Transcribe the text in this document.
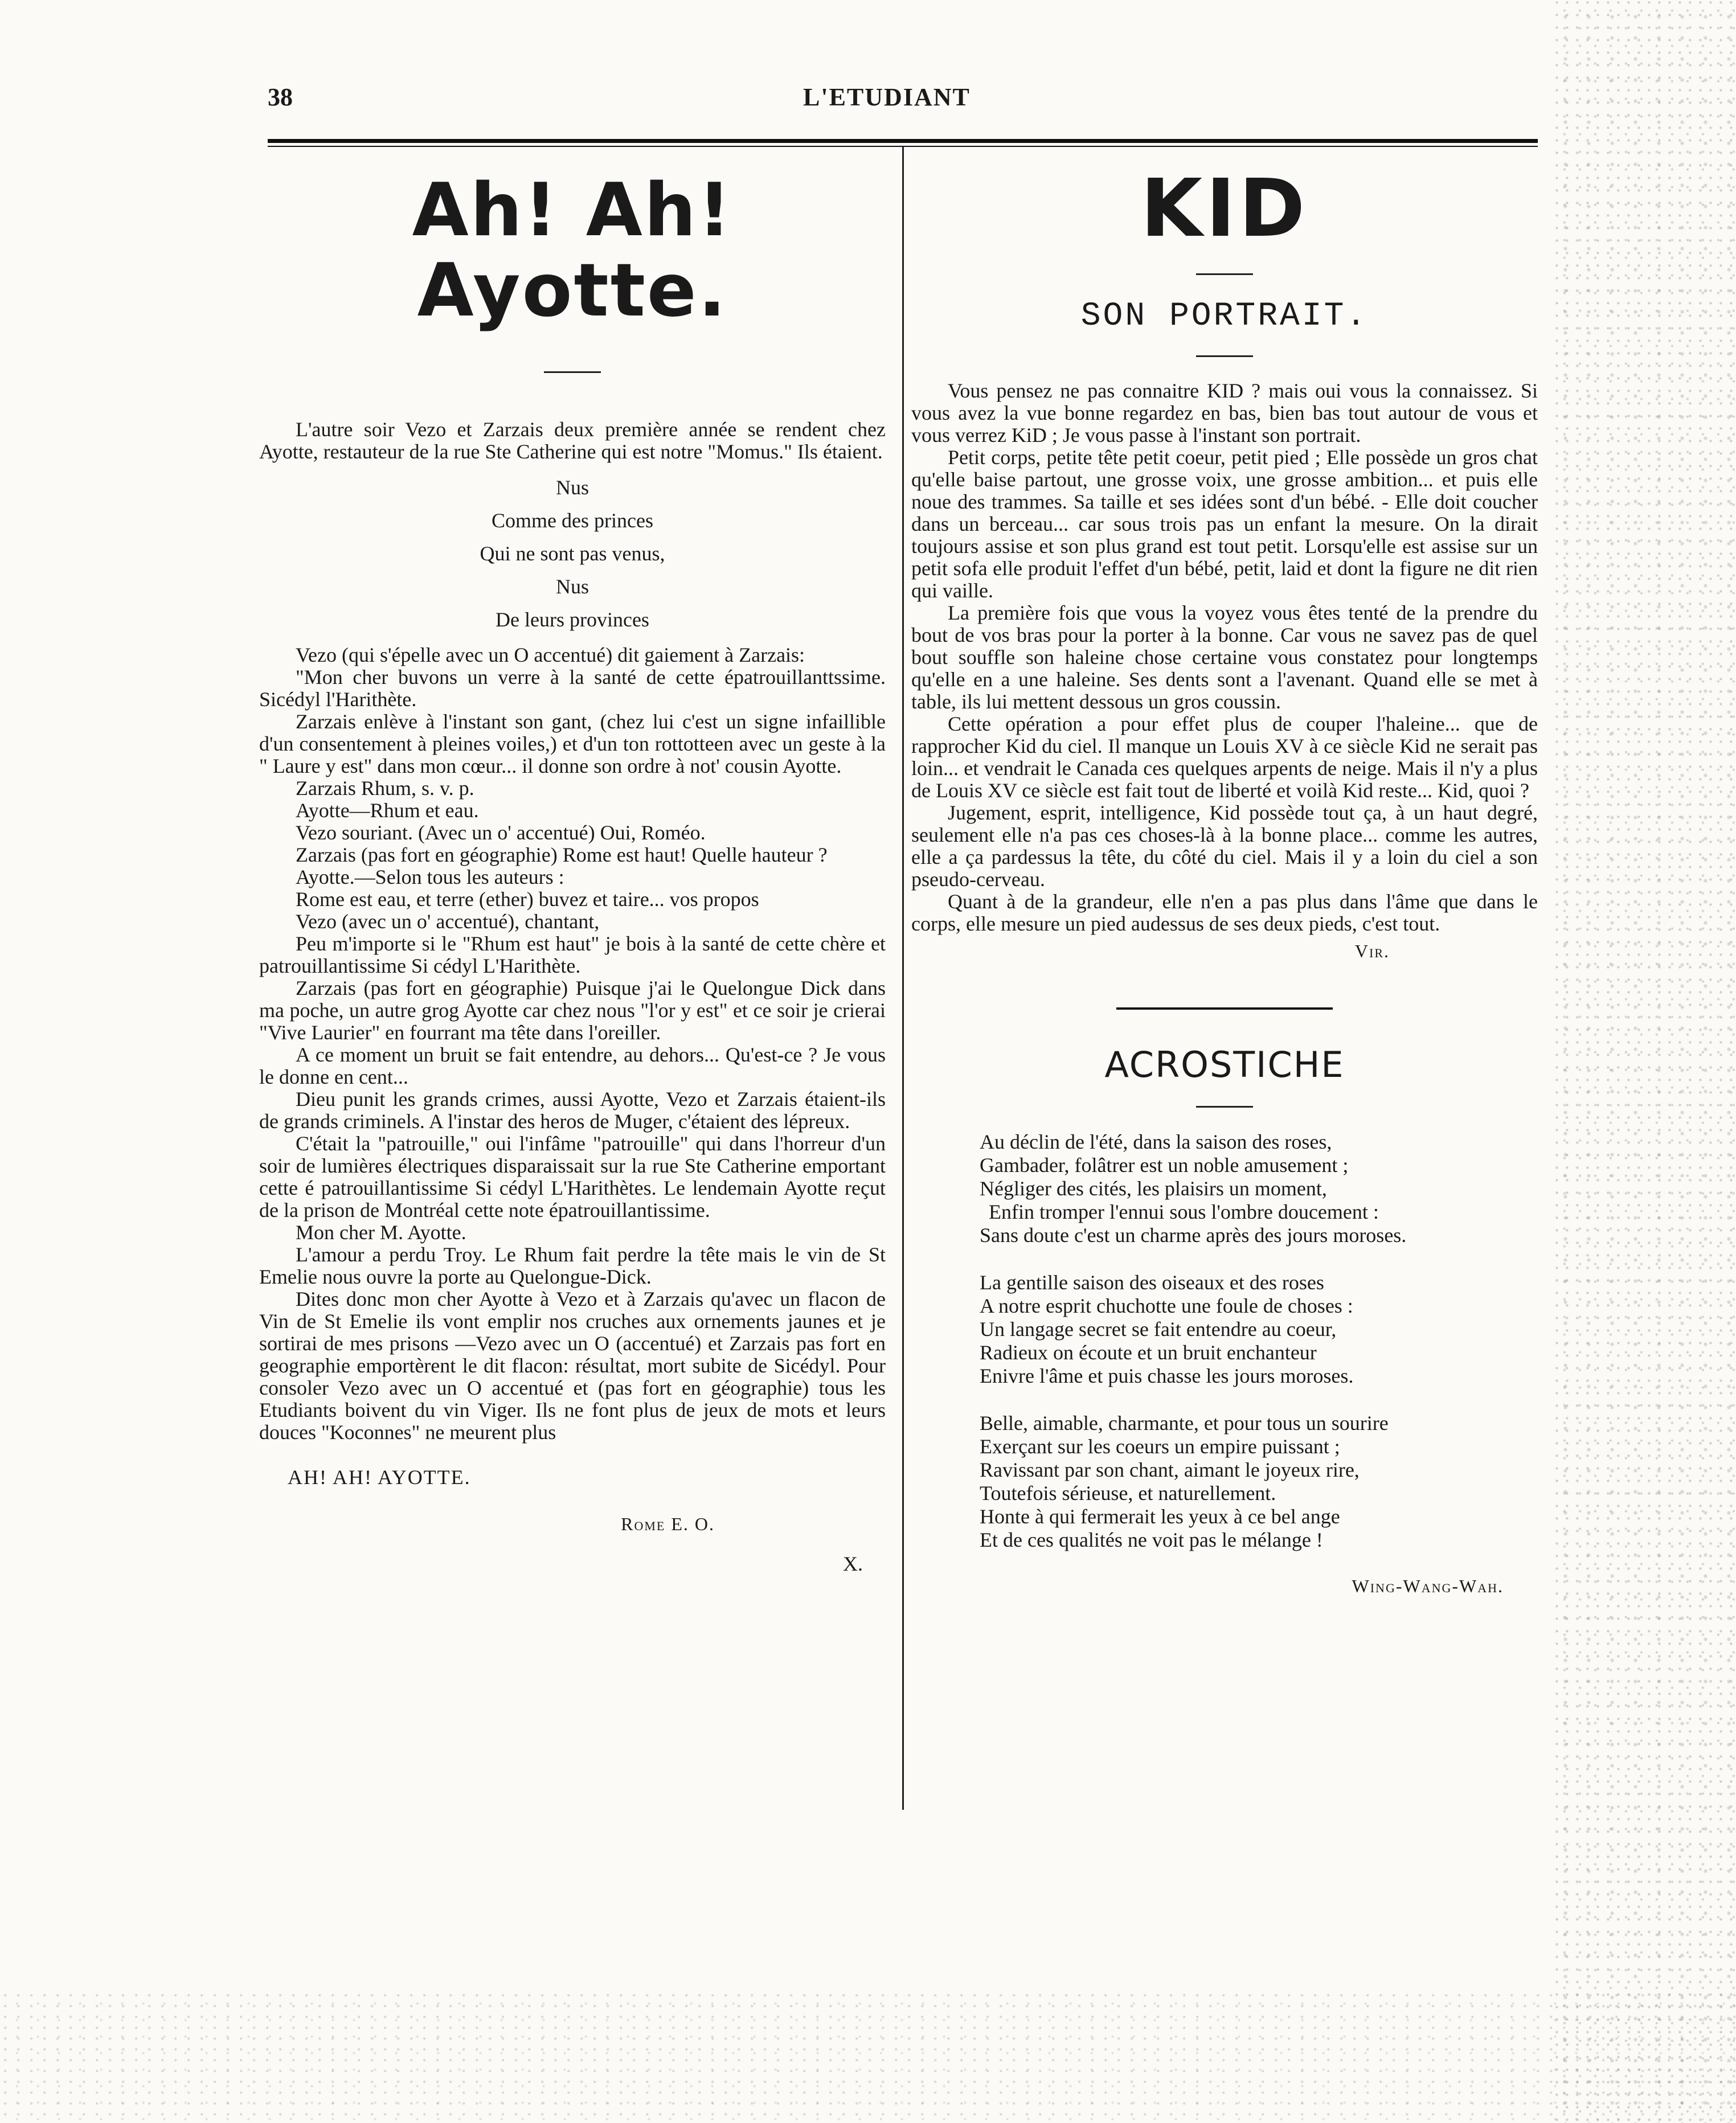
38	L'ETUDIANT
Ah! Ah! Ayotte.

L'autre soir Vezo et Zarzais deux première année se rendent chez Ayotte, restauteur de la rue Ste Catherine qui est notre "Momus." Ils étaient.

Nus
Comme des princes
Qui ne sont pas venus,
Nus
De leurs provinces

Vezo (qui s'épelle avec un O accentué) dit gaiement à Zarzais:

"Mon cher buvons un verre à la santé de cette épatrouillanttssime. Sicédyl l'Harithète.

Zarzais enlève à l'instant son gant, (chez lui c'est un signe infaillible d'un consentement à pleines voiles,) et d'un ton rottotteen avec un geste à la " Laure y est" dans mon cœur... il donne son ordre à not' cousin Ayotte.

Zarzais Rhum, s. v. p.

Ayotte—Rhum et eau.

Vezo souriant. (Avec un o' accentué) Oui, Roméo.

Zarzais (pas fort en géographie) Rome est haut! Quelle hauteur ?

Ayotte.—Selon tous les auteurs :

Rome est eau, et terre (ether) buvez et taire... vos propos

Vezo (avec un o' accentué), chantant,

Peu m'importe si le "Rhum est haut" je bois à la santé de cette chère et patrouillantissime Si cédyl L'Harithète.

Zarzais (pas fort en géographie) Puisque j'ai le Quelongue Dick dans ma poche, un autre grog Ayotte car chez nous "l'or y est" et ce soir je crierai "Vive Laurier" en fourrant ma tête dans l'oreiller.

A ce moment un bruit se fait entendre, au dehors... Qu'est-ce ? Je vous le donne en cent...

Dieu punit les grands crimes, aussi Ayotte, Vezo et Zarzais étaient-ils de grands criminels. A l'instar des heros de Muger, c'étaient des lépreux.

C'était la "patrouille," oui l'infâme "patrouille" qui dans l'horreur d'un soir de lumières électriques disparaissait sur la rue Ste Catherine emportant cette é patrouillantissime Si cédyl L'Harithètes. Le lendemain Ayotte reçut de la prison de Montréal cette note épatrouillantissime.

Mon cher M. Ayotte.

L'amour a perdu Troy. Le Rhum fait perdre la tête mais le vin de St Emelie nous ouvre la porte au Quelongue-Dick.

Dites donc mon cher Ayotte à Vezo et à Zarzais qu'avec un flacon de Vin de St Emelie ils vont emplir nos cruches aux ornements jaunes et je sortirai de mes prisons —Vezo avec un O (accentué) et Zarzais pas fort en geographie emportèrent le dit flacon: résultat, mort subite de Sicédyl. Pour consoler Vezo avec un O accentué et (pas fort en géographie) tous les Etudiants boivent du vin Viger. Ils ne font plus de jeux de mots et leurs douces "Koconnes" ne meurent plus

AH! AH! AYOTTE.
Rome E. O.
X.
KID
SON PORTRAIT.

Vous pensez ne pas connaitre KID ? mais oui vous la connaissez. Si vous avez la vue bonne regardez en bas, bien bas tout autour de vous et vous verrez KiD ; Je vous passe à l'instant son portrait.

Petit corps, petite tête petit coeur, petit pied ; Elle possède un gros chat qu'elle baise partout, une grosse voix, une grosse ambition... et puis elle noue des trammes. Sa taille et ses idées sont d'un bébé. - Elle doit coucher dans un berceau... car sous trois pas un enfant la mesure. On la dirait toujours assise et son plus grand est tout petit. Lorsqu'elle est assise sur un petit sofa elle produit l'effet d'un bébé, petit, laid et dont la figure ne dit rien qui vaille.

La première fois que vous la voyez vous êtes tenté de la prendre du bout de vos bras pour la porter à la bonne. Car vous ne savez pas de quel bout souffle son haleine chose certaine vous constatez pour longtemps qu'elle en a une haleine. Ses dents sont a l'avenant. Quand elle se met à table, ils lui mettent dessous un gros coussin.

Cette opération a pour effet plus de couper l'haleine... que de rapprocher Kid du ciel. Il manque un Louis XV à ce siècle Kid ne serait pas loin... et vendrait le Canada ces quelques arpents de neige. Mais il n'y a plus de Louis XV ce siècle est fait tout de liberté et voilà Kid reste... Kid, quoi ?

Jugement, esprit, intelligence, Kid possède tout ça, à un haut degré, seulement elle n'a pas ces choses-là à la bonne place... comme les autres, elle a ça pardessus la tête, du côté du ciel. Mais il y a loin du ciel a son pseudo-cerveau.

Quant à de la grandeur, elle n'en a pas plus dans l'âme que dans le corps, elle mesure un pied audessus de ses deux pieds, c'est tout.

Vir.
ACROSTICHE
Au déclin de l'été, dans la saison des roses,
Gambader, folâtrer est un noble amusement ;
Négliger des cités, les plaisirs un moment,
Enfin tromper l'ennui sous l'ombre doucement :
Sans doute c'est un charme après des jours moroses.
La gentille saison des oiseaux et des roses
A notre esprit chuchotte une foule de choses :
Un langage secret se fait entendre au coeur,
Radieux on écoute et un bruit enchanteur
Enivre l'âme et puis chasse les jours moroses.
Belle, aimable, charmante, et pour tous un sourire
Exerçant sur les coeurs un empire puissant ;
Ravissant par son chant, aimant le joyeux rire,
Toutefois sérieuse, et naturellement.
Honte à qui fermerait les yeux à ce bel ange
Et de ces qualités ne voit pas le mélange !
Wing-Wang-Wah.
